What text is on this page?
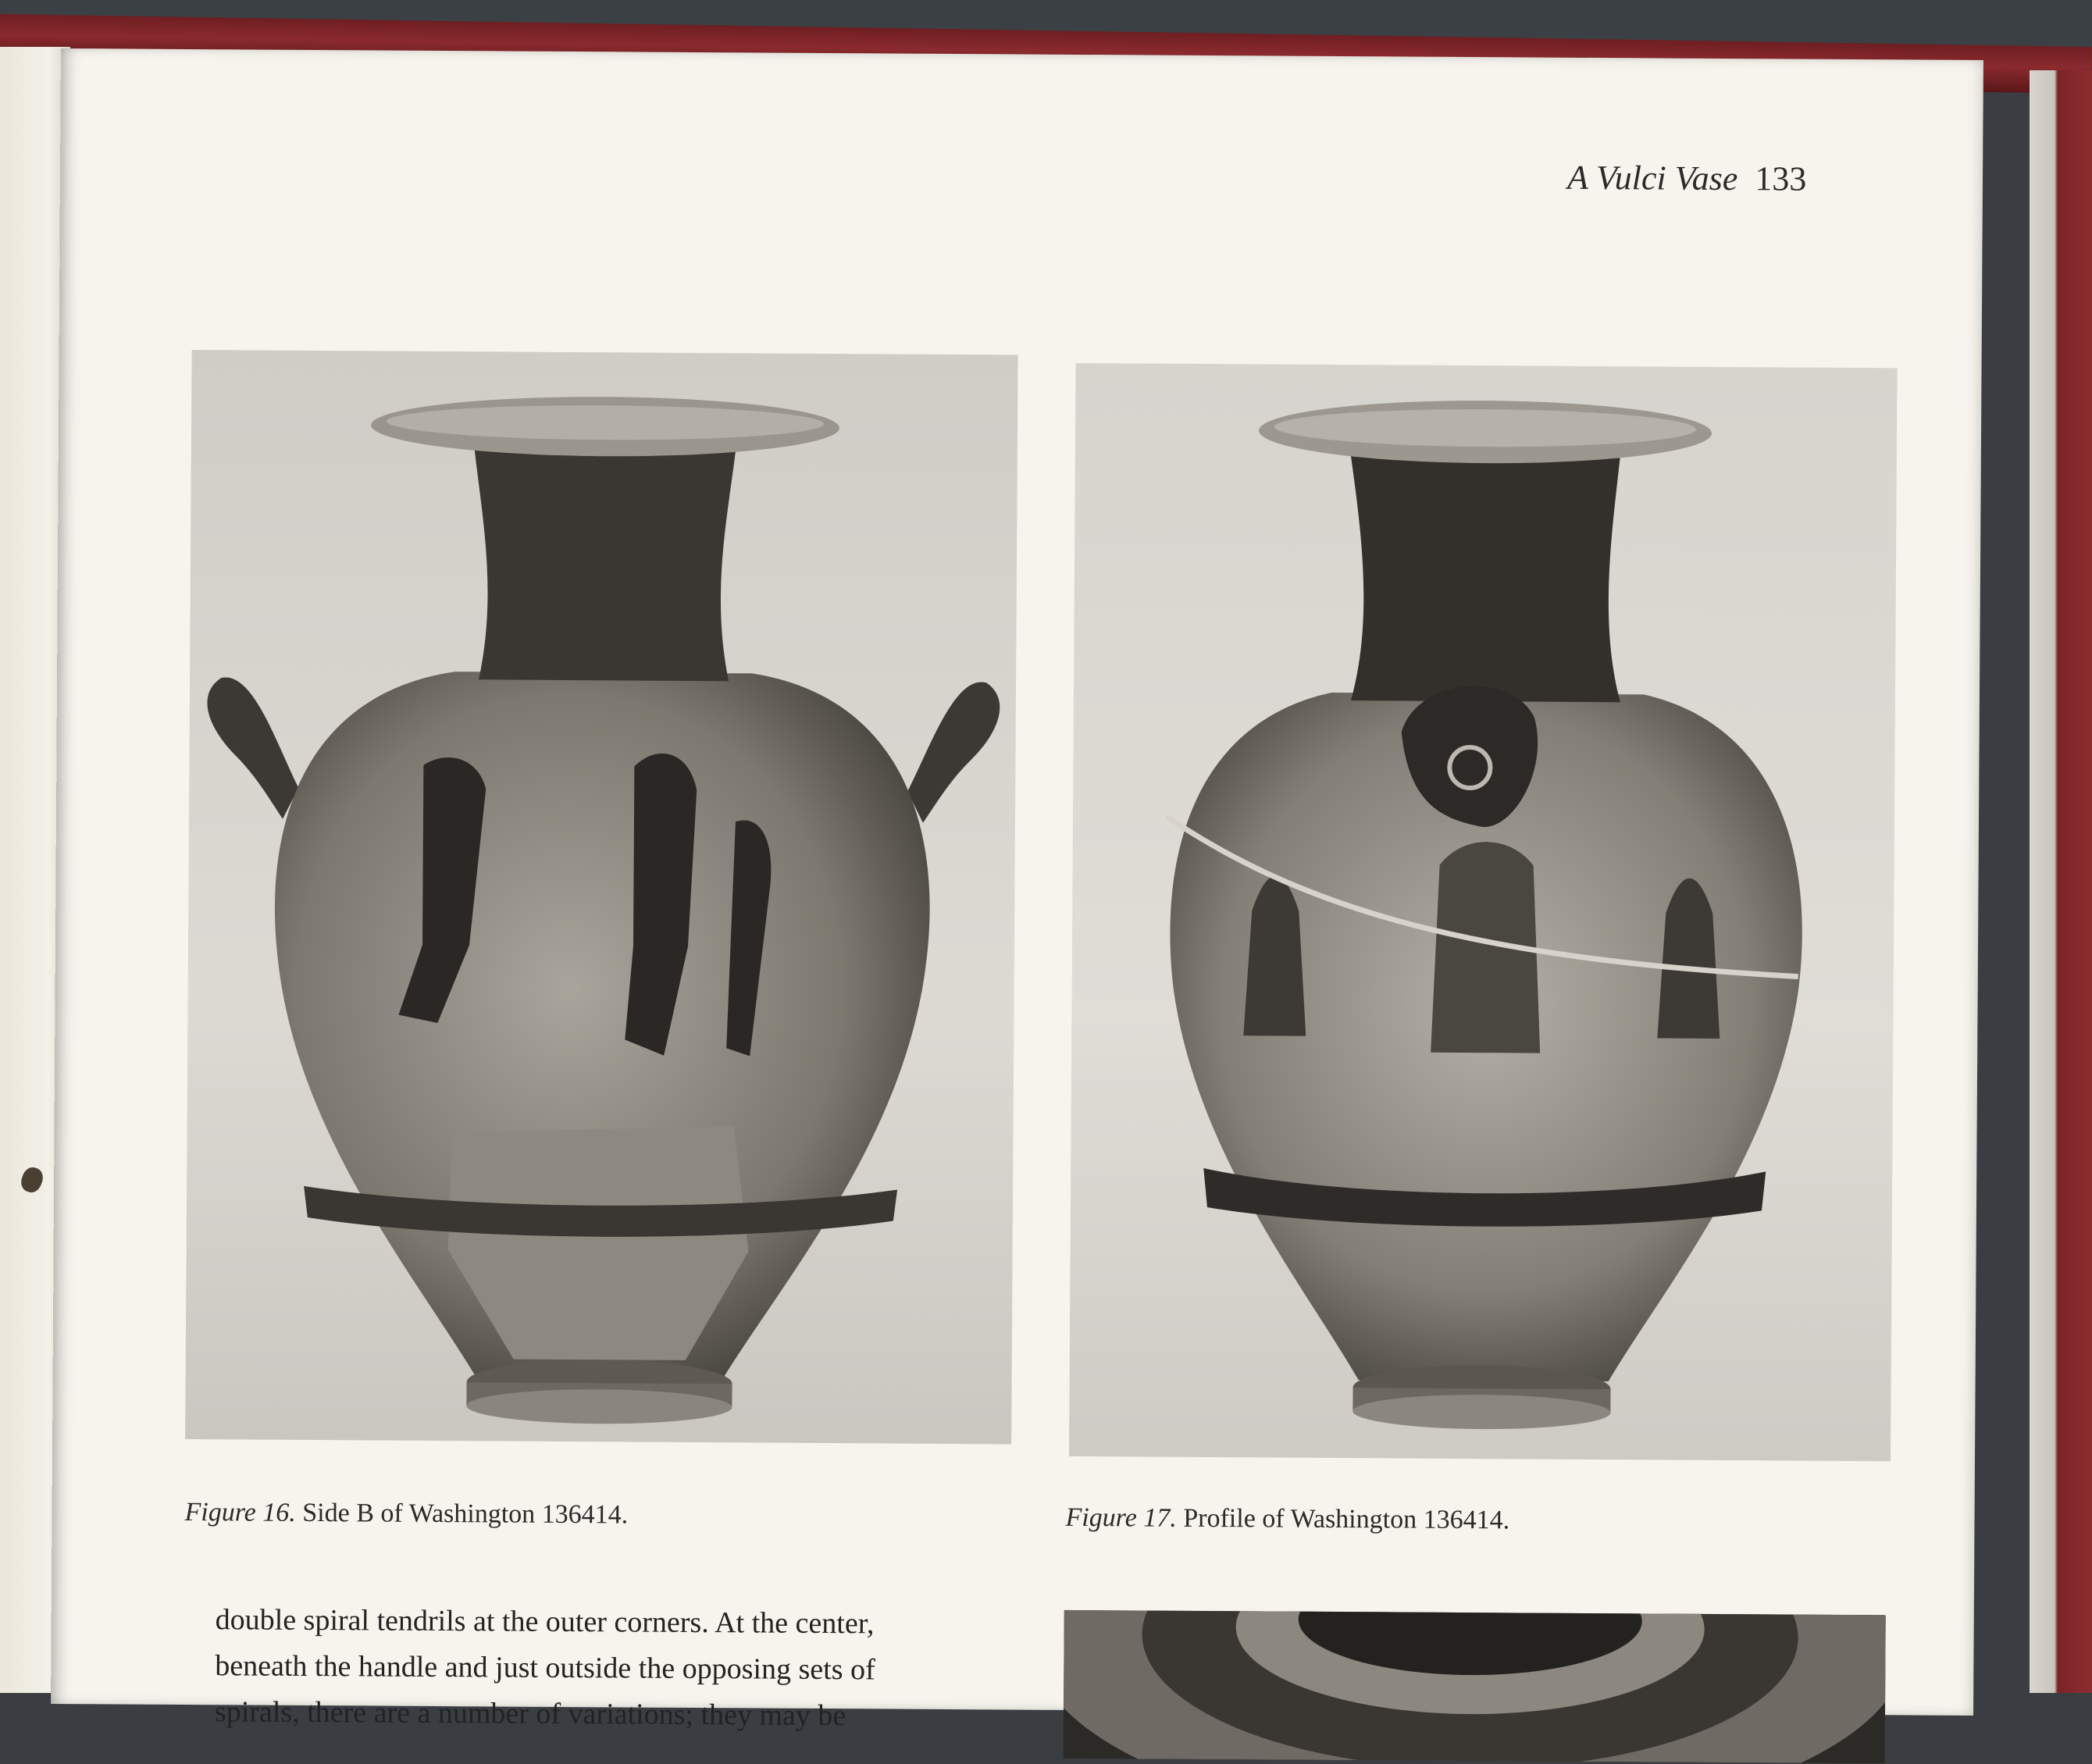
A Vulci Vase 133
Figure 16. Side B of Washington 136414.	Figure 17. Profile of Washington 136414.

double spiral tendrils at the outer corners. At the center,

beneath the handle and just outside the opposing sets of

spirals, there are a number of variations; they may be
